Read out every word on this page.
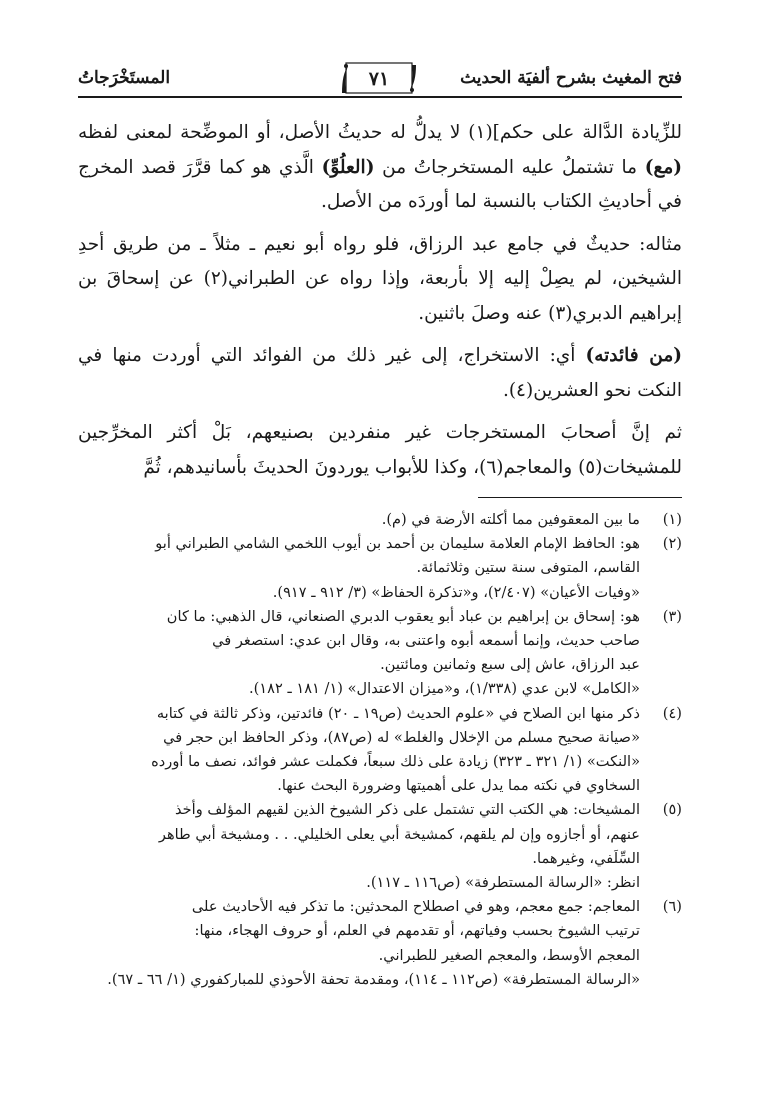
فتح المغيث بشرح ألفيَة الحديث
٧١
المستَخْرَجاتُ

للزِّيادة الدَّالة على حكم](١) لا يدلُّ له حديثُ الأصل، أو الموضِّحة لمعنى لفظه (مع) ما تشتملُ عليه المستخرجاتُ من (العلُوِّ) الَّذي هو كما قرَّرَ قصد المخرج في أحاديثِ الكتاب بالنسبة لما أوردَه من الأصل.

مثاله: حديثٌ في جامع عبد الرزاق، فلو رواه أبو نعيم ـ مثلاً ـ من طريق أحدِ الشيخين، لم يصِلْ إليه إلا بأربعة، وإذا رواه عن الطبراني(٢) عن إسحاقَ بن إبراهيم الدبري(٣) عنه وصلَ باثنين.

(من فائدته) أي: الاستخراج، إلى غير ذلك من الفوائد التي أوردت منها في النكت نحو العشرين(٤).

ثم إنَّ أصحابَ المستخرجات غير منفردين بصنيعهم، بَلْ أكثر المخرِّجين للمشيخات(٥) والمعاجم(٦)، وكذا للأبواب يوردونَ الحديثَ بأسانيدهم، ثُمَّ

(١)
ما بين المعقوفين مما أكلته الأرضة في (م).
(٢)
هو: الحافظ الإمام العلامة سليمان بن أحمد بن أيوب اللخمي الشامي الطبراني أبو
القاسم، المتوفى سنة ستين وثلاثمائة.
«وفيات الأعيان» (٢/٤٠٧)، و«تذكرة الحفاظ» (٣/ ٩١٢ ـ ٩١٧).
(٣)
هو: إسحاق بن إبراهيم بن عباد أبو يعقوب الدبري الصنعاني، قال الذهبي: ما كان
صاحب حديث، وإنما أسمعه أبوه واعتنى به، وقال ابن عدي: استصغر في
عبد الرزاق، عاش إلى سبع وثمانين ومائتين.
«الكامل» لابن عدي (١/٣٣٨)، و«ميزان الاعتدال» (١/ ١٨١ ـ ١٨٢).
(٤)
ذكر منها ابن الصلاح في «علوم الحديث (ص١٩ ـ ٢٠) فائدتين، وذكر ثالثة في كتابه
«صيانة صحيح مسلم من الإخلال والغلط» له (ص٨٧)، وذكر الحافظ ابن حجر في
«النكت» (١/ ٣٢١ ـ ٣٢٣) زيادة على ذلك سبعاً، فكملت عشر فوائد، نصف ما أورده
السخاوي في نكته مما يدل على أهميتها وضرورة البحث عنها.
(٥)
المشيخات: هي الكتب التي تشتمل على ذكر الشيوخ الذين لقيهم المؤلف وأخذ
عنهم، أو أجازوه وإن لم يلقهم، كمشيخة أبي يعلى الخليلي. . . ومشيخة أبي طاهر
السِّلَفي، وغيرهما.
انظر: «الرسالة المستطرفة» (ص١١٦ ـ ١١٧).
(٦)
المعاجم: جمع معجم، وهو في اصطلاح المحدثين: ما تذكر فيه الأحاديث على
ترتيب الشيوخ بحسب وفياتهم، أو تقدمهم في العلم، أو حروف الهجاء، منها:
المعجم الأوسط، والمعجم الصغير للطبراني.
«الرسالة المستطرفة» (ص١١٢ ـ ١١٤)، ومقدمة تحفة الأحوذي للمباركفوري (١/ ٦٦ ـ ٦٧).
